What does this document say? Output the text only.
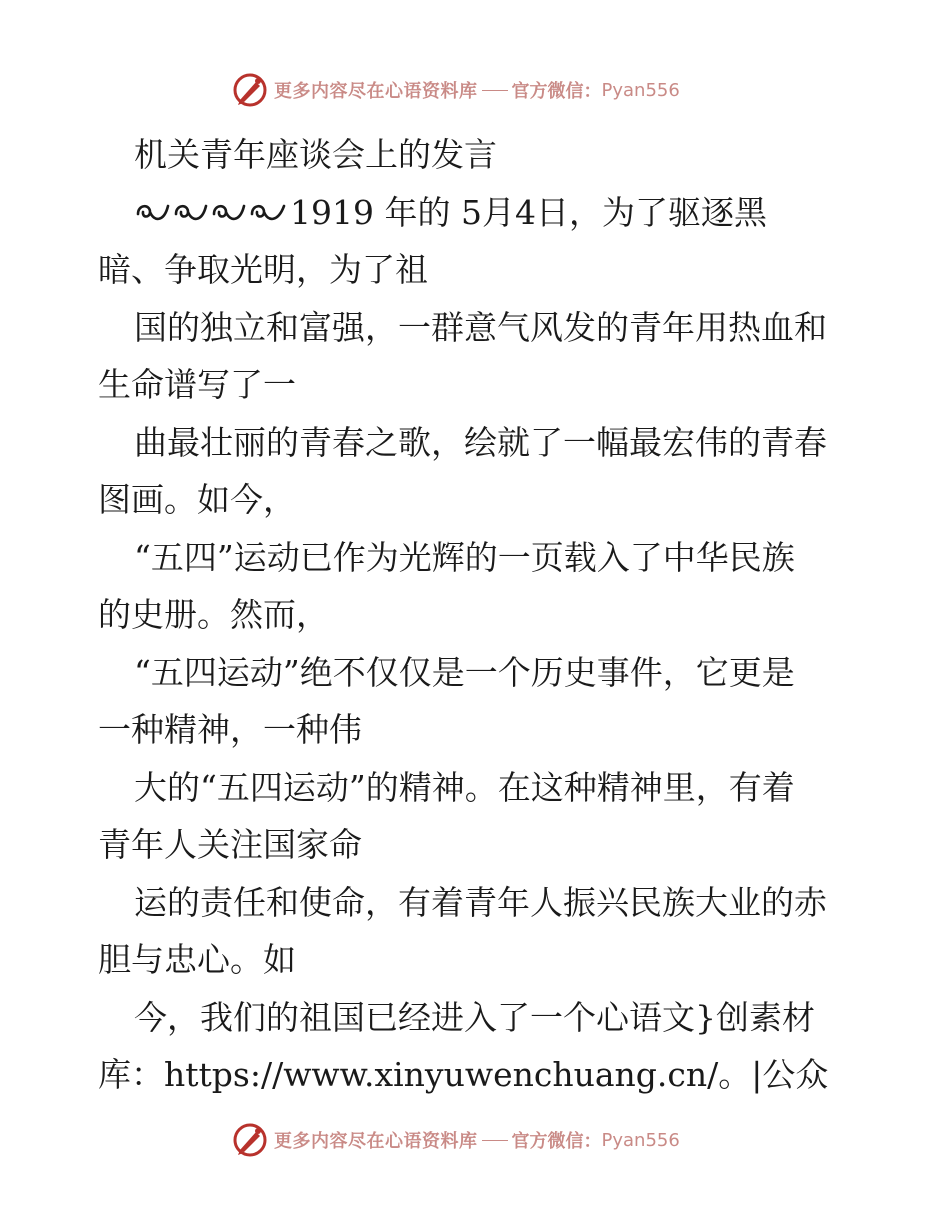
更多内容尽在心语资料库 官方微信： Pyan556
机关青年座谈会上的发言
1919 年的 5月4日，为了驱逐黑
暗、争取光明，为了祖
国的独立和富强，一群意气风发的青年用热血和
生命谱写了一
曲最壮丽的青春之歌，绘就了一幅最宏伟的青春
图画。如今，
“五四”运动已作为光辉的一页载入了中华民族
的史册。然而，
“五四运动”绝不仅仅是一个历史事件，它更是
一种精神，一种伟
大的“五四运动”的精神。在这种精神里，有着
青年人关注国家命
运的责任和使命，有着青年人振兴民族大业的赤
胆与忠心。如
今，我们的祖国已经进入了一个心语文}创素材
库：https://www.xinyuwenchuang.cn/。|公众
更多内容尽在心语资料库 官方微信： Pyan556
